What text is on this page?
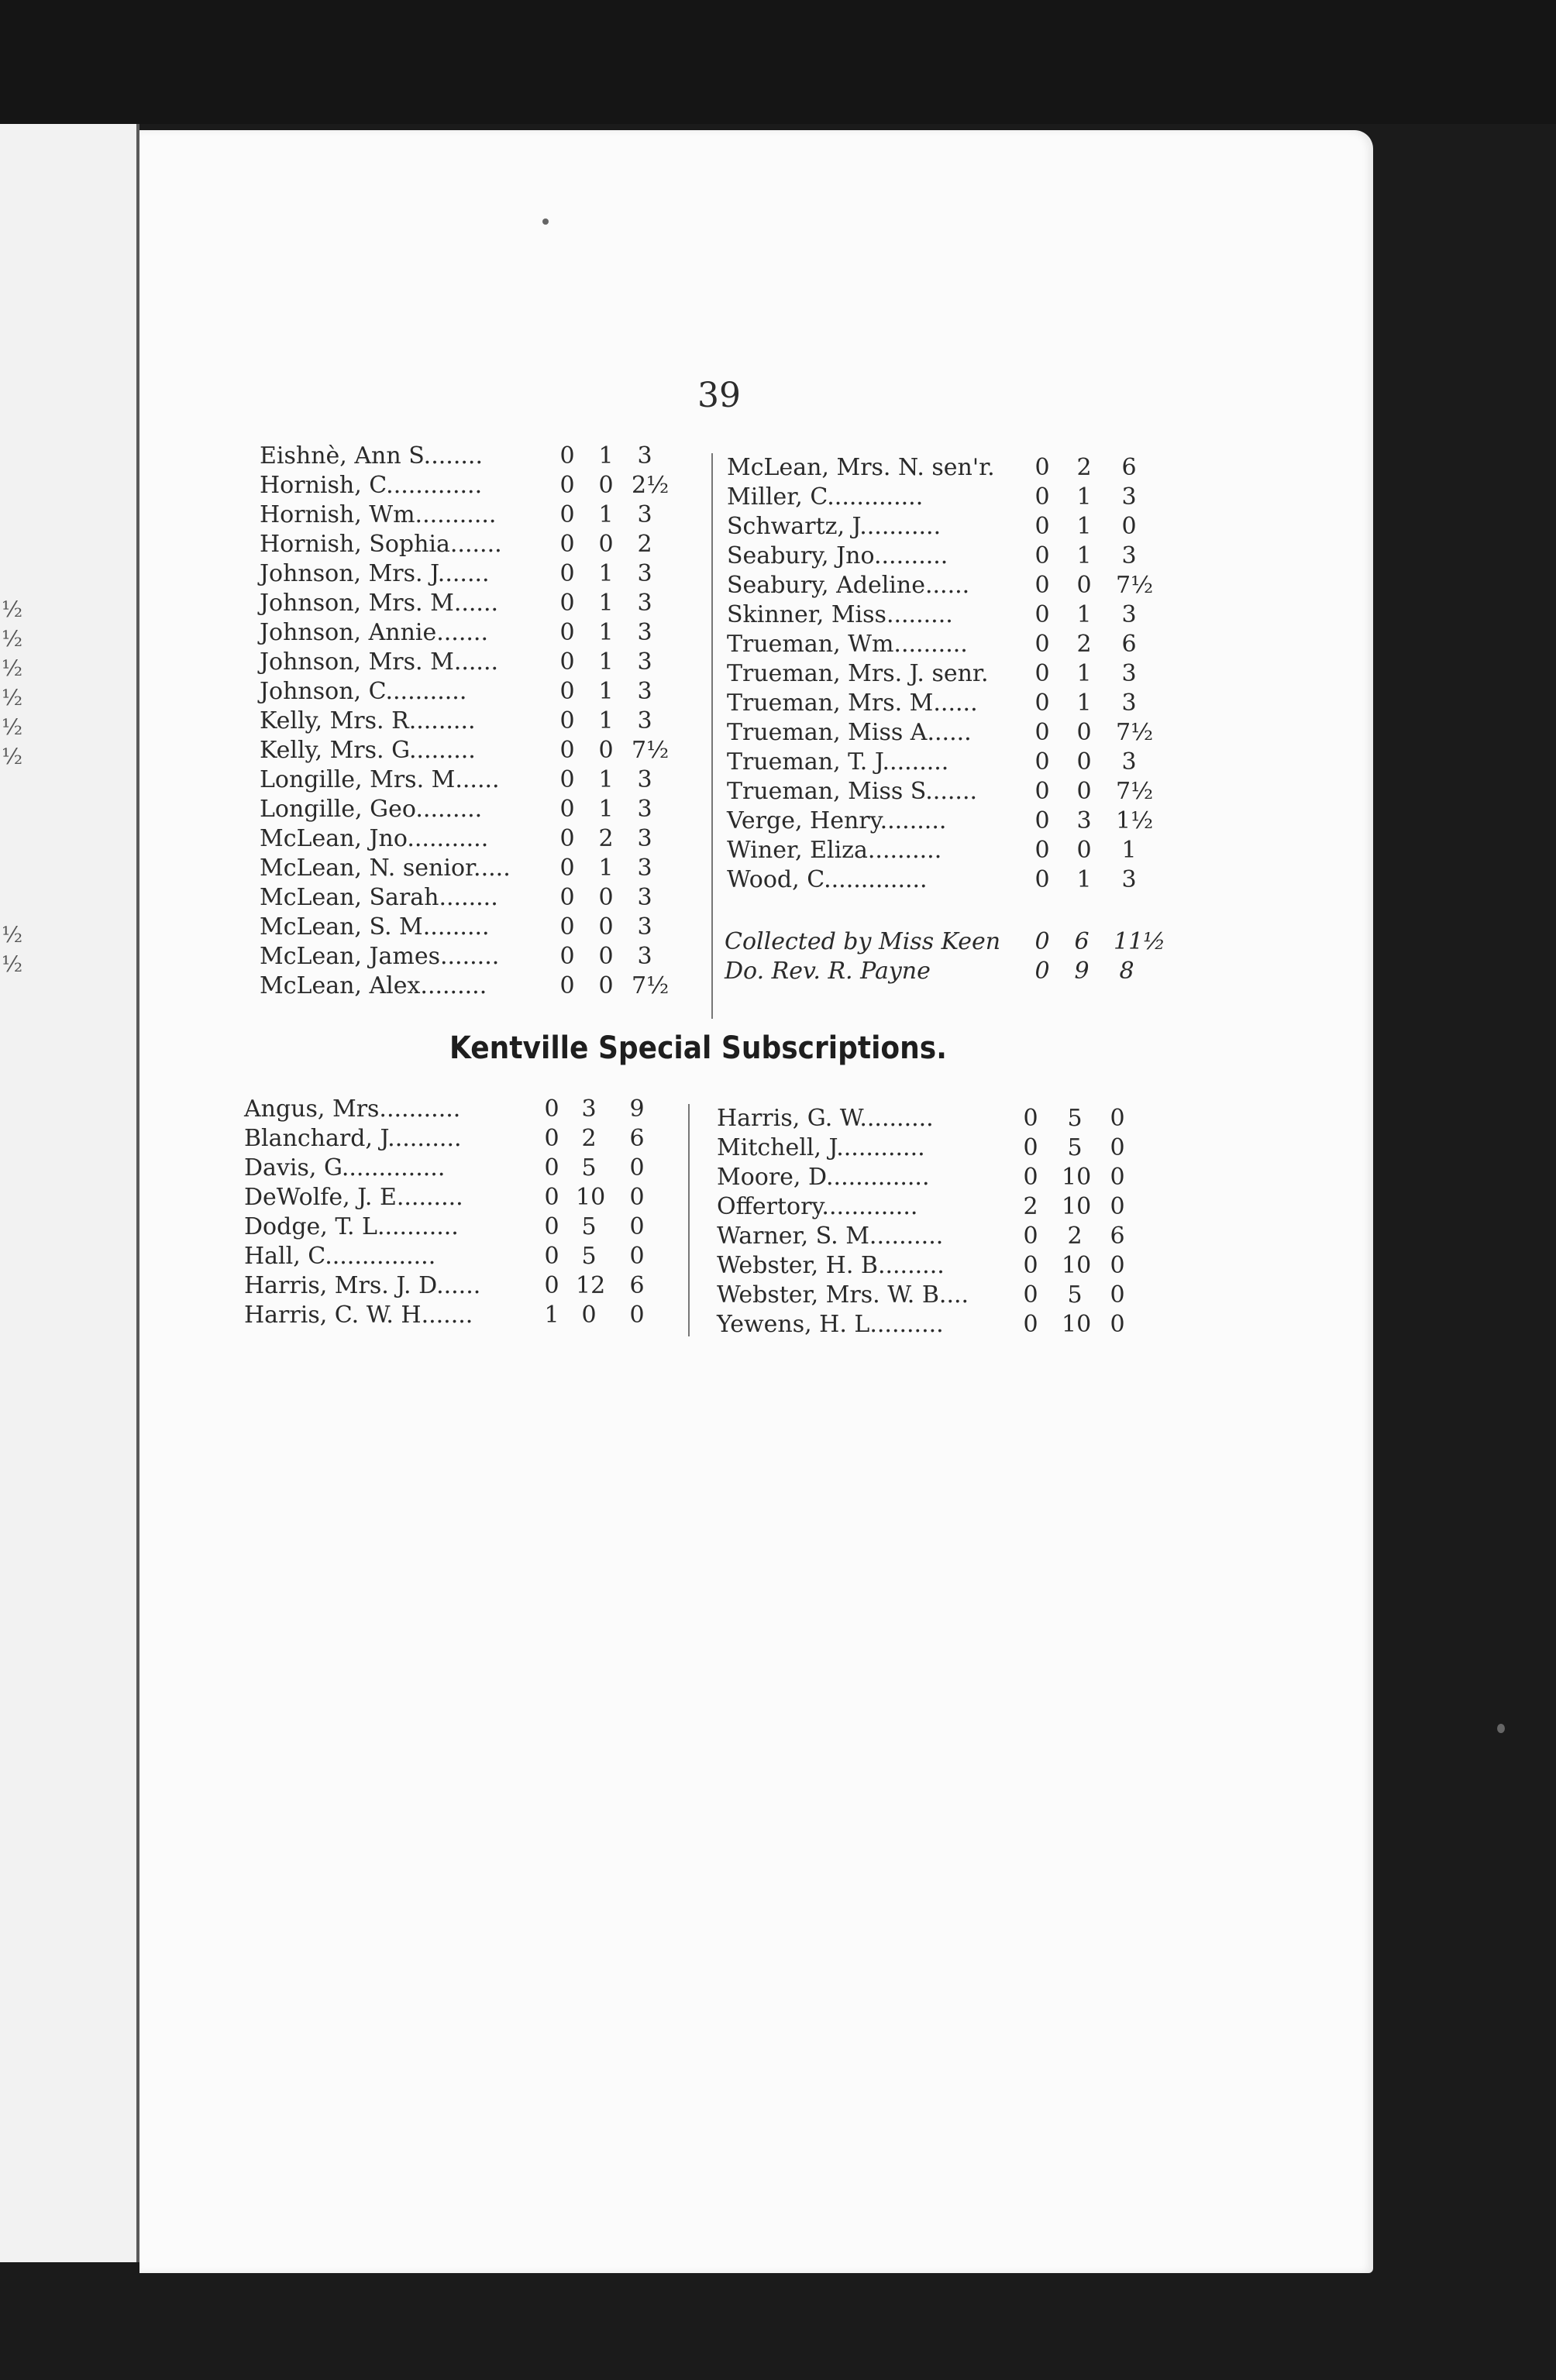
½
½
½
½
½
½
½
½
39
Eishnè, Ann S........	0 1 3
Hornish, C.............	0 0 2½
Hornish, Wm...........	0 1 3
Hornish, Sophia....... 0 0 2
Johnson, Mrs. J.......	0 1 3
Johnson, Mrs. M......	0 1 3
Johnson, Annie.......	0 1 3
Johnson, Mrs. M......	0 1 3
Johnson, C...........	0 1 3
Kelly, Mrs. R.........	0 1 3
Kelly, Mrs. G.........	0 0 7½
Longille, Mrs. M......	0 1 3
Longille, Geo.........	0 1 3
McLean, Jno...........	0 2 3
McLean, N. senior..... 0 1 3
McLean, Sarah........	0 0 3
McLean, S. M.........	0 0 3
McLean, James........	0 0 3
McLean, Alex.........	0 0 7½
McLean, Mrs. N. sen'r. 0 2 6
Miller, C.............	0 1 3
Schwartz, J...........	0 1 0
Seabury, Jno..........	0 1 3
Seabury, Adeline......	0 0 7½
Skinner, Miss.........	0 1 3
Trueman, Wm..........	0 2 6
Trueman, Mrs. J. senr. 0 1 3
Trueman, Mrs. M...... 0 1 3
Trueman, Miss A......	0 0 7½
Trueman, T. J.........	0 0 3
Trueman, Miss S....... 0 0 7½
Verge, Henry.........	0 3 1½
Winer, Eliza..........	0 0 1
Wood, C..............	0 1 3
Collected by Miss Keen 0 6 11½
Do. Rev. R. Payne	0 9 8
Kentville Special Subscriptions.
Angus, Mrs...........	0 3 9
Blanchard, J..........	0 2 6
Davis, G..............	0 5 0
DeWolfe, J. E.........	0 10 0
Dodge, T. L...........	0 5 0
Hall, C...............	0 5 0
Harris, Mrs. J. D......	0 12 6
Harris, C. W. H.......	1 0 0
Harris, G. W..........	0 5 0
Mitchell, J............	0 5 0
Moore, D..............	0 10 0
Offertory.............	2 10 0
Warner, S. M..........	0 2 6
Webster, H. B.........	0 10 0
Webster, Mrs. W. B.... 0 5 0
Yewens, H. L..........	0 10 0
